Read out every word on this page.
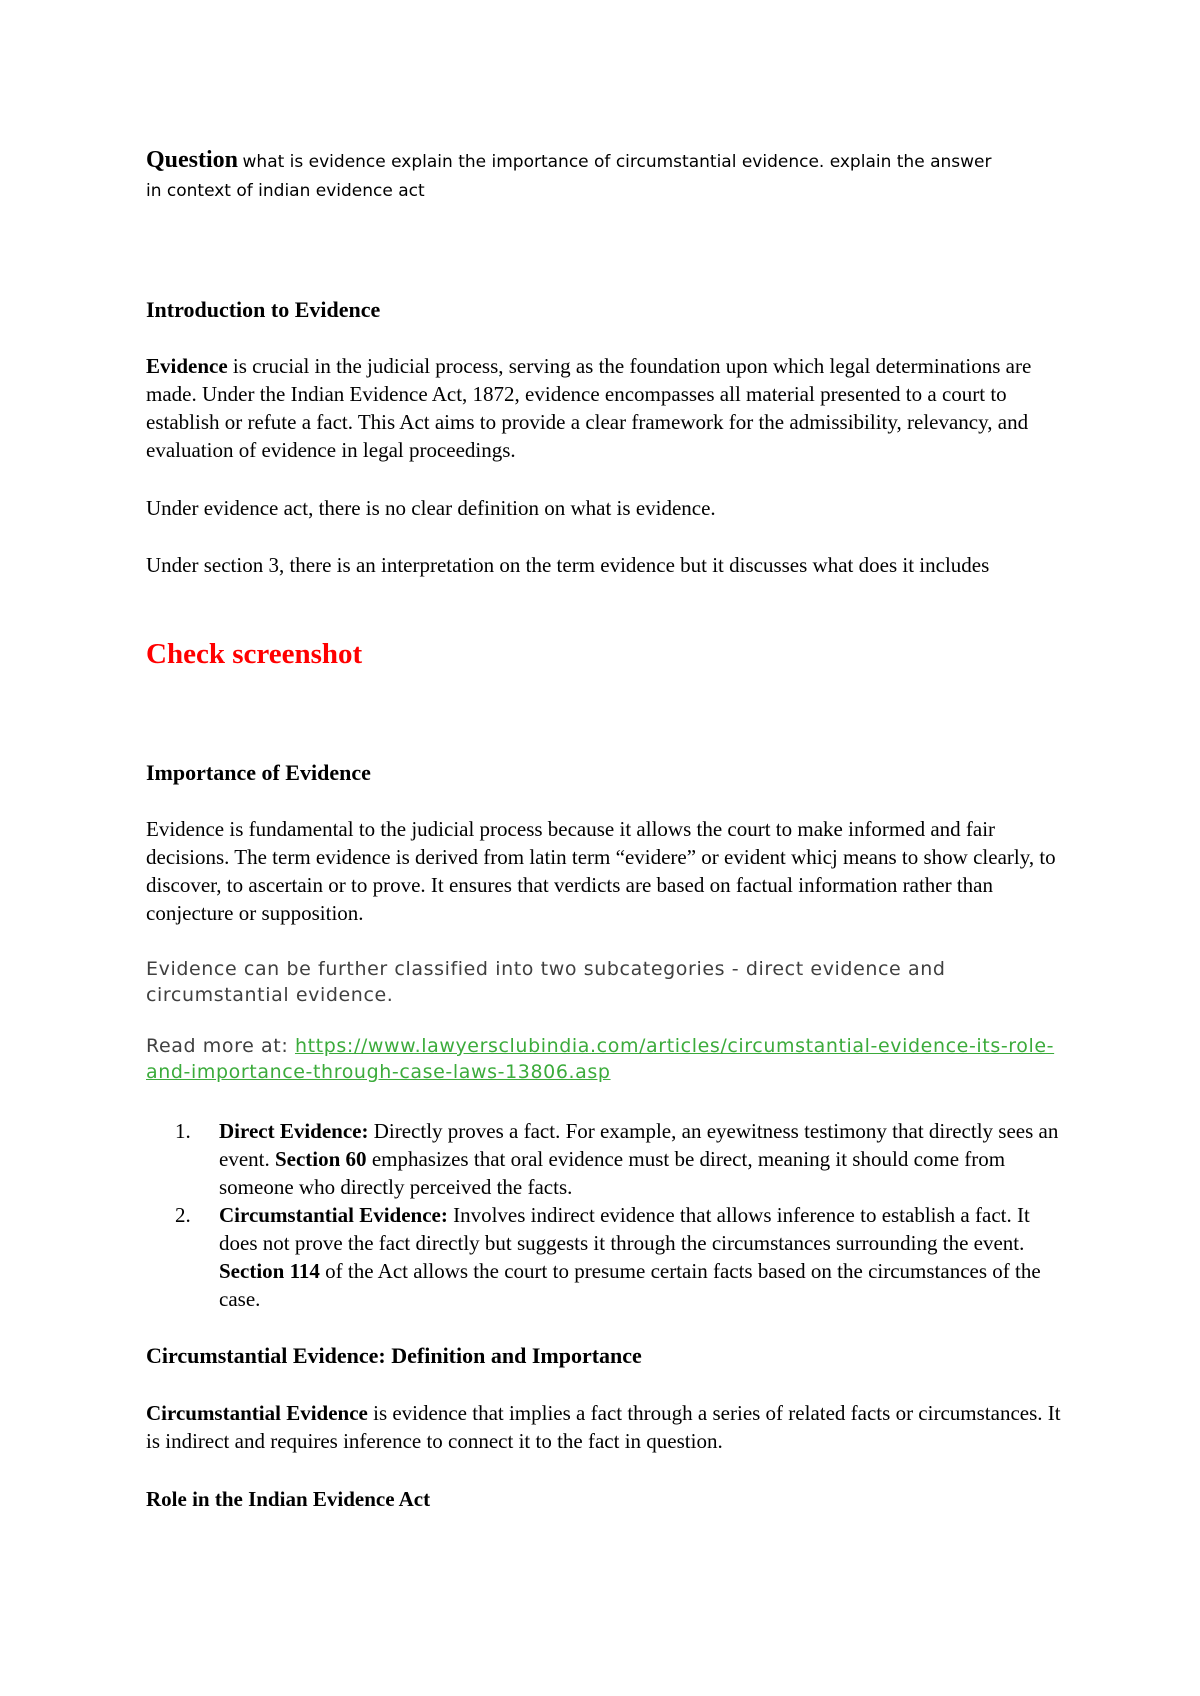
Question what is evidence explain the importance of circumstantial evidence. explain the answer
in context of indian evidence act
Introduction to Evidence

Evidence is crucial in the judicial process, serving as the foundation upon which legal determinations are made. Under the Indian Evidence Act, 1872, evidence encompasses all material presented to a court to establish or refute a fact. This Act aims to provide a clear framework for the admissibility, relevancy, and evaluation of evidence in legal proceedings.

Under evidence act, there is no clear definition on what is evidence.

Under section 3, there is an interpretation on the term evidence but it discusses what does it includes

Check screenshot
Importance of Evidence

Evidence is fundamental to the judicial process because it allows the court to make informed and fair decisions. The term evidence is derived from latin term “evidere” or evident whicj means to show clearly, to discover, to ascertain or to prove. It ensures that verdicts are based on factual information rather than conjecture or supposition.

Evidence can be further classified into two subcategories - direct evidence and circumstantial evidence.

Read more at: https://www.lawyersclubindia.com/articles/circumstantial-evidence-its-role-and-importance-through-case-laws-13806.asp

1. Direct Evidence: Directly proves a fact. For example, an eyewitness testimony that directly sees an event. Section 60 emphasizes that oral evidence must be direct, meaning it should come from someone who directly perceived the facts.
2. Circumstantial Evidence: Involves indirect evidence that allows inference to establish a fact. It does not prove the fact directly but suggests it through the circumstances surrounding the event. Section 114 of the Act allows the court to presume certain facts based on the circumstances of the case.
Circumstantial Evidence: Definition and Importance

Circumstantial Evidence is evidence that implies a fact through a series of related facts or circumstances. It is indirect and requires inference to connect it to the fact in question.

Role in the Indian Evidence Act
